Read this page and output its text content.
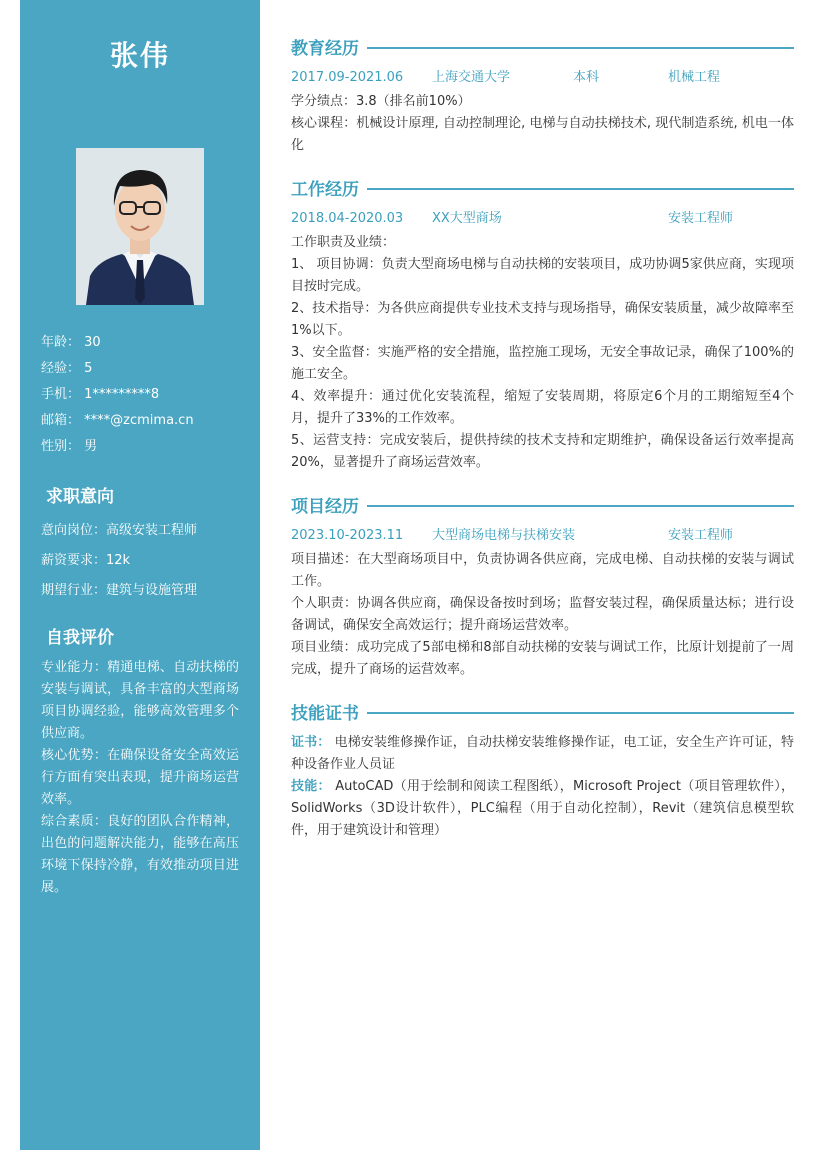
张伟
年龄： 30
经验： 5
手机： 1*********8
邮箱： ****@zcmima.cn
性别： 男
求职意向
意向岗位：高级安装工程师
薪资要求：12k
期望行业：建筑与设施管理
自我评价

专业能力：精通电梯、自动扶梯的安装与调试，具备丰富的大型商场项目协调经验，能够高效管理多个供应商。

核心优势：在确保设备安全高效运行方面有突出表现，提升商场运营效率。

综合素质：良好的团队合作精神，出色的问题解决能力，能够在高压环境下保持冷静，有效推动项目进展。

教育经历
2017.09-2021.06 上海交通大学	本科	机械工程

学分绩点：3.8（排名前10%）

核心课程：机械设计原理, 自动控制理论, 电梯与自动扶梯技术, 现代制造系统, 机电一体化

工作经历
2018.04-2020.03 XX大型商场	安装工程师

工作职责及业绩：

1、 项目协调：负责大型商场电梯与自动扶梯的安装项目，成功协调5家供应商，实现项目按时完成。

2、技术指导：为各供应商提供专业技术支持与现场指导，确保安装质量，减少故障率至1%以下。

3、安全监督：实施严格的安全措施，监控施工现场，无安全事故记录，确保了100%的施工安全。

4、效率提升：通过优化安装流程，缩短了安装周期，将原定6个月的工期缩短至4个月，提升了33%的工作效率。

5、运营支持：完成安装后，提供持续的技术支持和定期维护，确保设备运行效率提高20%，显著提升了商场运营效率。

项目经历
2023.10-2023.11 大型商场电梯与扶梯安装	安装工程师

项目描述：在大型商场项目中，负责协调各供应商，完成电梯、自动扶梯的安装与调试工作。

个人职责：协调各供应商，确保设备按时到场；监督安装过程，确保质量达标；进行设备调试，确保安全高效运行；提升商场运营效率。

项目业绩：成功完成了5部电梯和8部自动扶梯的安装与调试工作，比原计划提前了一周完成，提升了商场的运营效率。

技能证书

证书： 电梯安装维修操作证，自动扶梯安装维修操作证，电工证，安全生产许可证，特种设备作业人员证

技能： AutoCAD（用于绘制和阅读工程图纸），Microsoft Project（项目管理软件），SolidWorks（3D设计软件），PLC编程（用于自动化控制），Revit（建筑信息模型软件，用于建筑设计和管理）
